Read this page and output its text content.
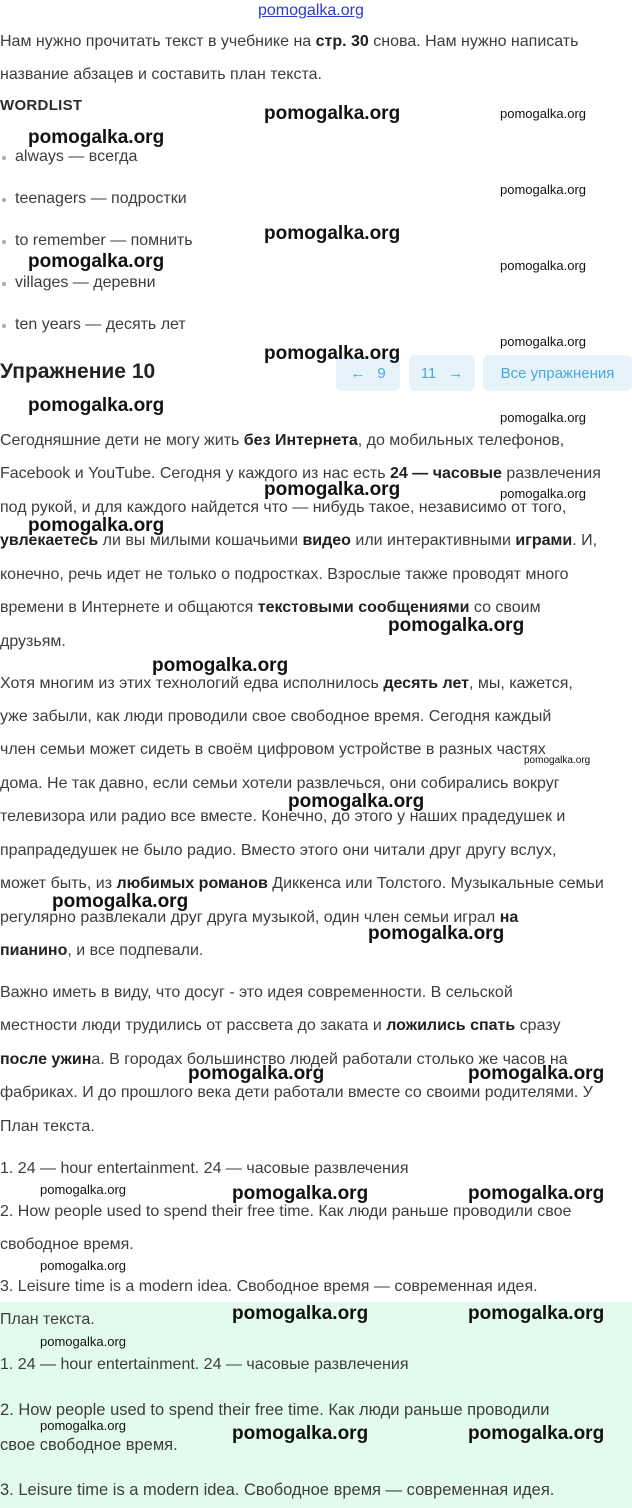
pomogalka.org
Нам нужно прочитать текст в учебнике на стр. 30 снова. Нам нужно написать
название абзацев и составить план текста.
WORDLIST
always — всегда
teenagers — подростки
to remember — помнить
villages — деревни
ten years — десять лет
Упражнение 10	← 9 11 → Все упражнения
Сегодняшние дети не могу жить без Интернета, до мобильных телефонов,
Facebook и YouTube. Сегодня у каждого из нас есть 24 — часовые развлечения
под рукой, и для каждого найдется что — нибудь такое, независимо от того,
увлекаетесь ли вы милыми кошачьими видео или интерактивными играми. И,
конечно, речь идет не только о подростках. Взрослые также проводят много
времени в Интернете и общаются текстовыми сообщениями со своим
друзьям.
Хотя многим из этих технологий едва исполнилось десять лет, мы, кажется,
уже забыли, как люди проводили свое свободное время. Сегодня каждый
член семьи может сидеть в своём цифровом устройстве в разных частях
дома. Не так давно, если семьи хотели развлечься, они собирались вокруг
телевизора или радио все вместе. Конечно, до этого у наших прадедушек и
прапрадедушек не было радио. Вместо этого они читали друг другу вслух,
может быть, из любимых романов Диккенса или Толстого. Музыкальные семьи
регулярно развлекали друг друга музыкой, один член семьи играл на
пианино, и все подпевали.
Важно иметь в виду, что досуг - это идея современности. В сельской
местности люди трудились от рассвета до заката и ложились спать сразу
после ужина. В городах большинство людей работали столько же часов на
фабриках. И до прошлого века дети работали вместе со своими родителями. У
План текста.
1. 24 — hour entertainment. 24 — часовые развлечения
2. How people used to spend their free time. Как люди раньше проводили свое
свободное время.
3. Leisure time is a modern idea. Свободное время — современная идея.
План текста.
1. 24 — hour entertainment. 24 — часовые развлечения
2. How people used to spend their free time. Как люди раньше проводили
свое свободное время.
3. Leisure time is a modern idea. Свободное время — современная идея.
pomogalka.org	pomogalka.org
pomogalka.org
pomogalka.org
pomogalka.org
pomogalka.org	pomogalka.org
pomogalka.org
pomogalka.org
pomogalka.org
pomogalka.org
pomogalka.org	pomogalka.org
pomogalka.org
pomogalka.org
pomogalka.org
pomogalka.org
pomogalka.org
pomogalka.org
pomogalka.org
pomogalka.org	pomogalka.org
pomogalka.org	pomogalka.org	pomogalka.org
pomogalka.org
pomogalka.org	pomogalka.org
pomogalka.org
pomogalka.org	pomogalka.org	pomogalka.org
